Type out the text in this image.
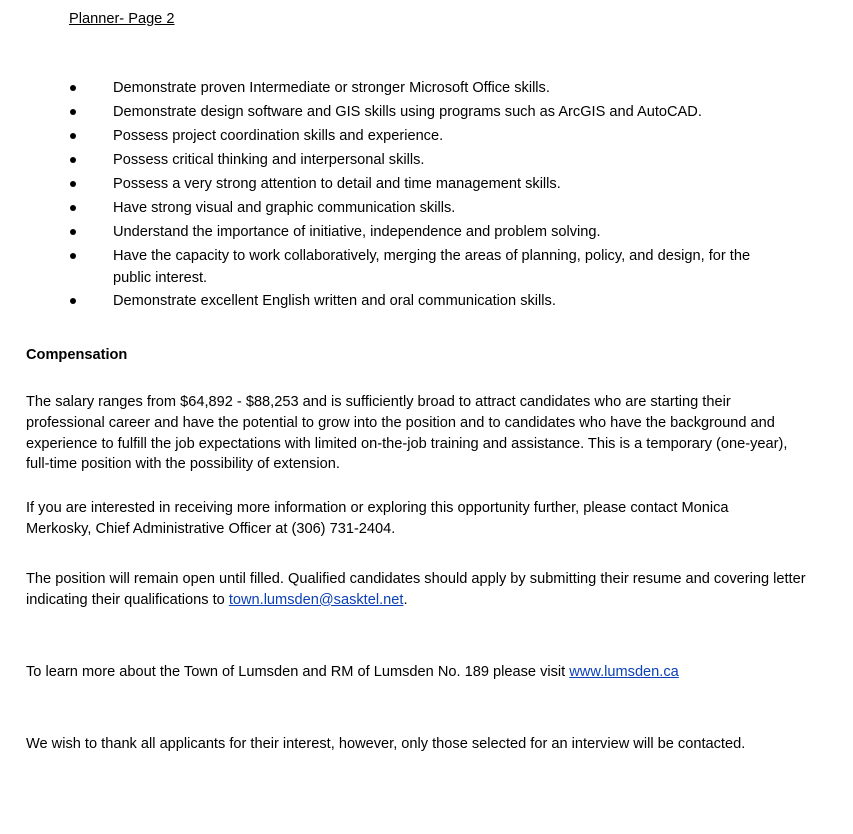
Planner- Page 2
Demonstrate proven Intermediate or stronger Microsoft Office skills.
Demonstrate design software and GIS skills using programs such as ArcGIS and AutoCAD.
Possess project coordination skills and experience.
Possess critical thinking and interpersonal skills.
Possess a very strong attention to detail and time management skills.
Have strong visual and graphic communication skills.
Understand the importance of initiative, independence and problem solving.
Have the capacity to work collaboratively, merging the areas of planning, policy, and design, for the public interest.
Demonstrate excellent English written and oral communication skills.
Compensation

The salary ranges from $64,892 - $88,253 and is sufficiently broad to attract candidates who are starting their professional career and have the potential to grow into the position and to candidates who have the background and experience to fulfill the job expectations with limited on-the-job training and assistance. This is a temporary (one-year), full-time position with the possibility of extension.

If you are interested in receiving more information or exploring this opportunity further, please contact Monica Merkosky, Chief Administrative Officer at (306) 731-2404.

The position will remain open until filled. Qualified candidates should apply by submitting their resume and covering letter indicating their qualifications to town.lumsden@sasktel.net.

To learn more about the Town of Lumsden and RM of Lumsden No. 189 please visit www.lumsden.ca

We wish to thank all applicants for their interest, however, only those selected for an interview will be contacted.
